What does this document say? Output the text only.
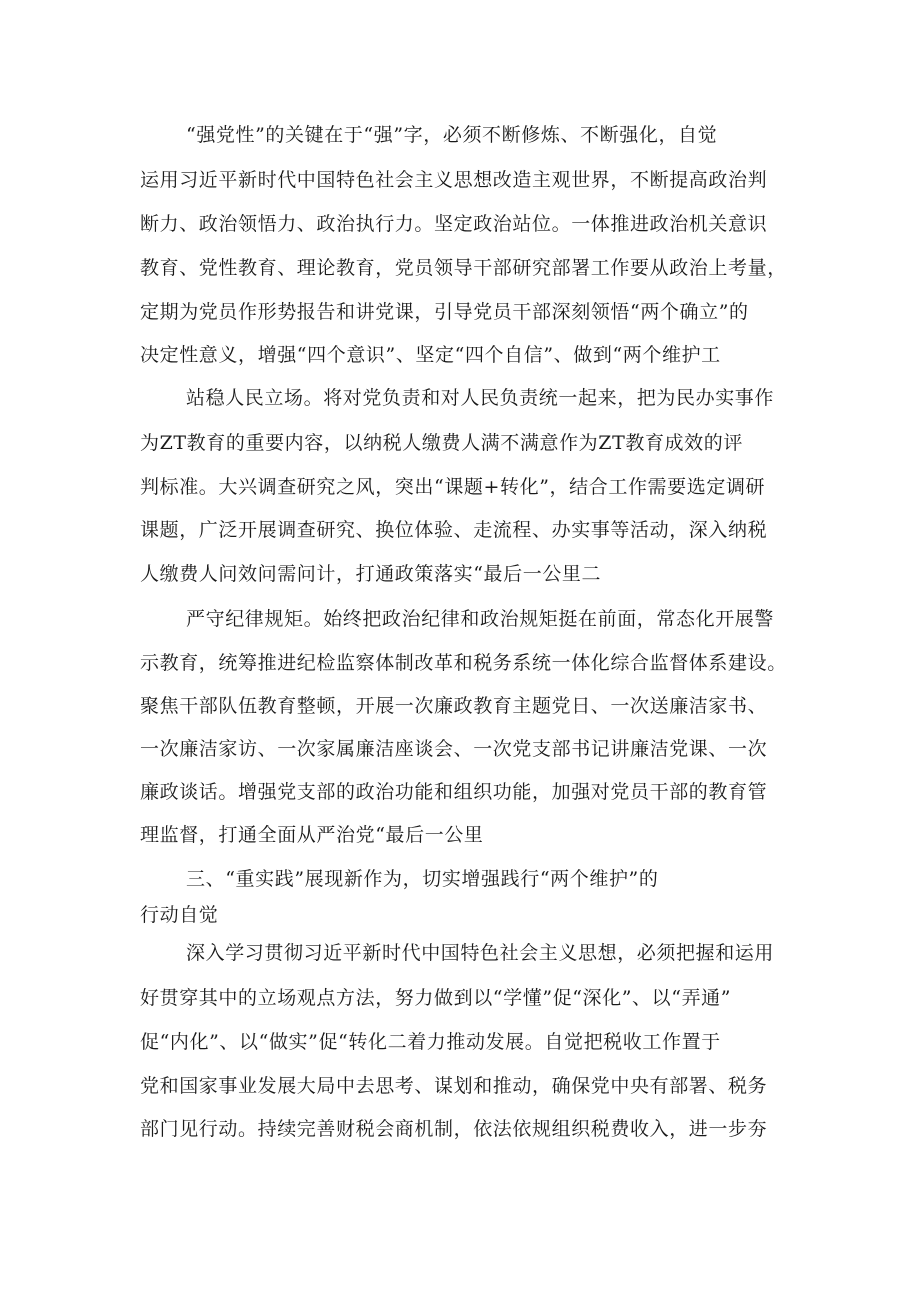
“强党性”的关键在于“强”字，必须不断修炼、不断强化，自觉
运用习近平新时代中国特色社会主义思想改造主观世界，不断提高政治判
断力、政治领悟力、政治执行力。坚定政治站位。一体推进政治机关意识
教育、党性教育、理论教育，党员领导干部研究部署工作要从政治上考量，
定期为党员作形势报告和讲党课，引导党员干部深刻领悟“两个确立”的
决定性意义，增强“四个意识”、坚定“四个自信”、做到“两个维护工
站稳人民立场。将对党负责和对人民负责统一起来，把为民办实事作
为ZT教育的重要内容，以纳税人缴费人满不满意作为ZT教育成效的评
判标准。大兴调查研究之风，突出“课题+转化”，结合工作需要选定调研
课题，广泛开展调查研究、换位体验、走流程、办实事等活动，深入纳税
人缴费人问效问需问计，打通政策落实“最后一公里二
严守纪律规矩。始终把政治纪律和政治规矩挺在前面，常态化开展警
示教育，统筹推进纪检监察体制改革和税务系统一体化综合监督体系建设。
聚焦干部队伍教育整顿，开展一次廉政教育主题党日、一次送廉洁家书、
一次廉洁家访、一次家属廉洁座谈会、一次党支部书记讲廉洁党课、一次
廉政谈话。增强党支部的政治功能和组织功能，加强对党员干部的教育管
理监督，打通全面从严治党“最后一公里
三、“重实践”展现新作为，切实增强践行“两个维护”的
行动自觉
深入学习贯彻习近平新时代中国特色社会主义思想，必须把握和运用
好贯穿其中的立场观点方法，努力做到以“学懂”促“深化”、以“弄通”
促“内化”、以“做实”促“转化二着力推动发展。自觉把税收工作置于
党和国家事业发展大局中去思考、谋划和推动，确保党中央有部署、税务
部门见行动。持续完善财税会商机制，依法依规组织税费收入，进一步夯
